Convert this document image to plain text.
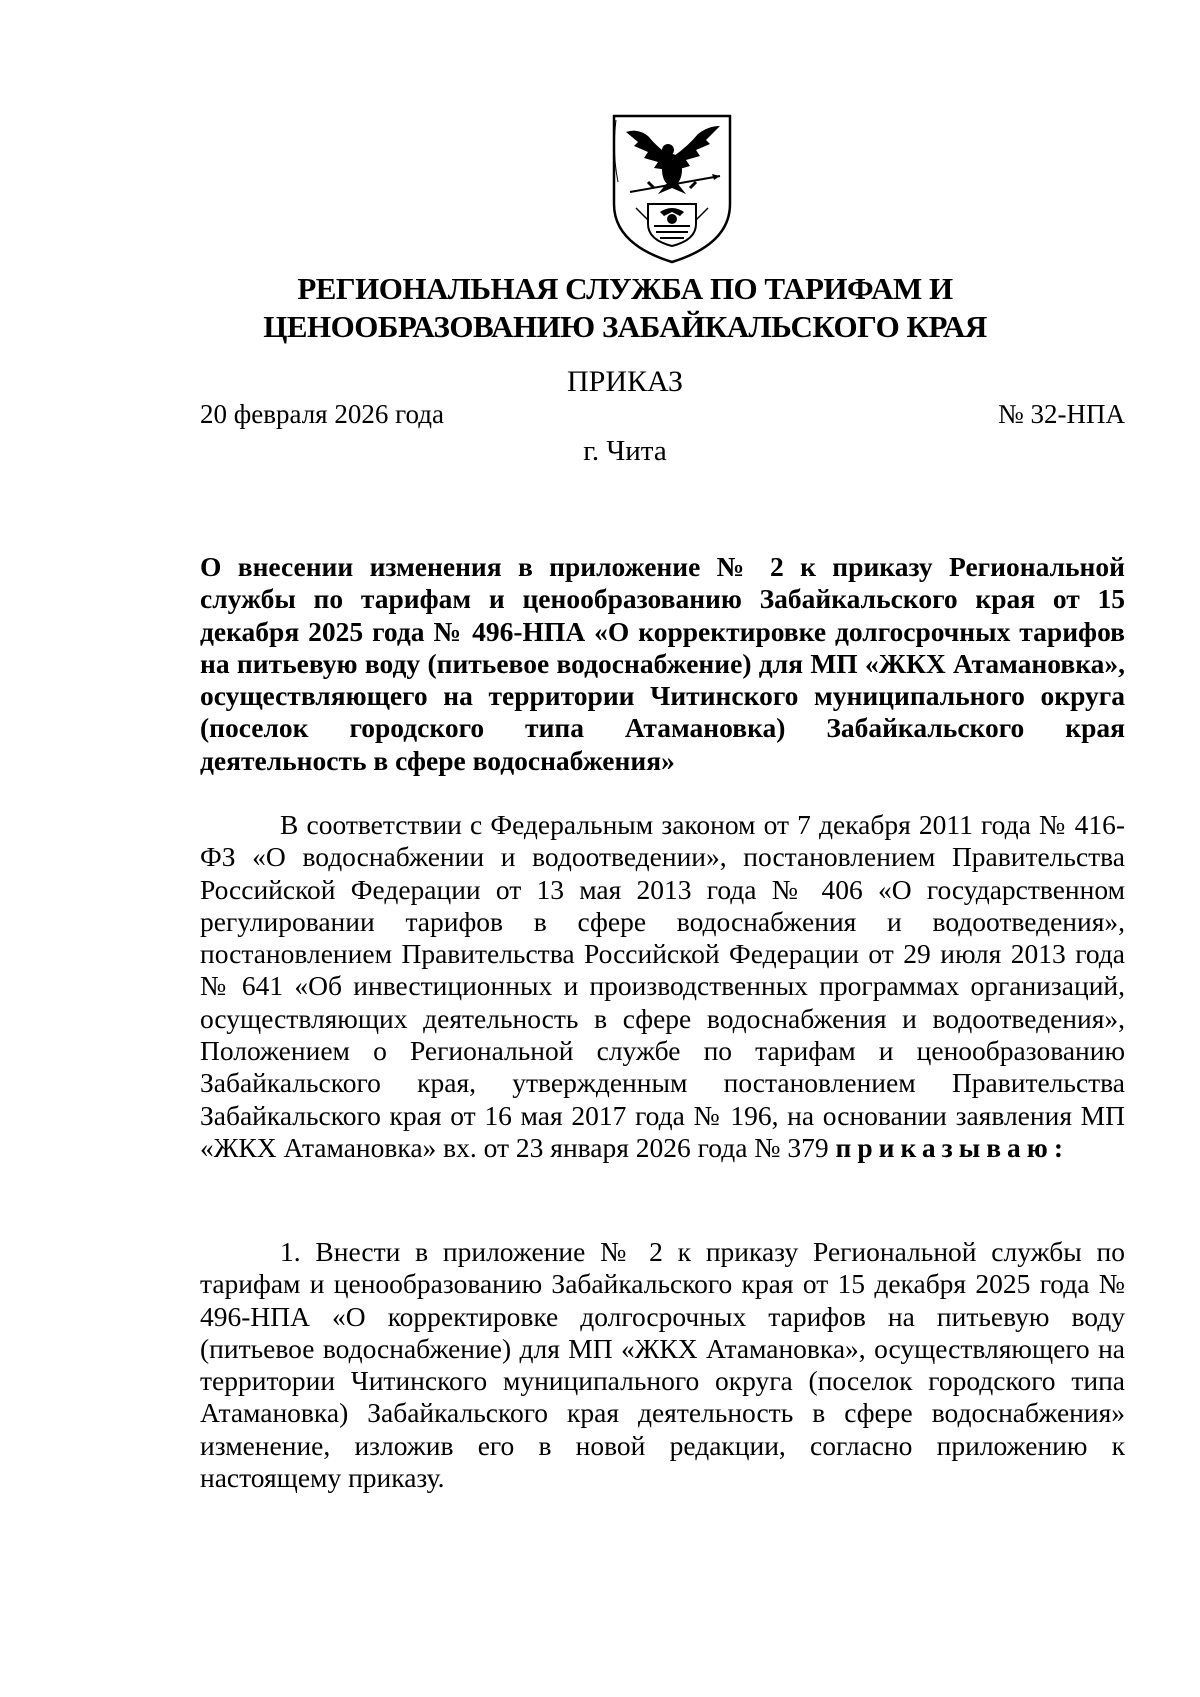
РЕГИОНАЛЬНАЯ СЛУЖБА ПО ТАРИФАМ И
ЦЕНООБРАЗОВАНИЮ ЗАБАЙКАЛЬСКОГО КРАЯ
ПРИКАЗ
20 февраля 2026 года	№ 32-НПА
г. Чита
О внесении изменения в приложение № 2 к приказу Региональной службы по тарифам и ценообразованию Забайкальского края от 15 декабря 2025 года № 496-НПА «О корректировке долгосрочных тарифов на питьевую воду (питьевое водоснабжение) для МП «ЖКХ Атамановка», осуществляющего на территории Читинского муниципального округа (поселок городского типа Атамановка) Забайкальского края деятельность в сфере водоснабжения»
В соответствии с Федеральным законом от 7 декабря 2011 года № 416-ФЗ «О водоснабжении и водоотведении», постановлением Правительства Российской Федерации от 13 мая 2013 года № 406 «О государственном регулировании тарифов в сфере водоснабжения и водоотведения», постановлением Правительства Российской Федерации от 29 июля 2013 года № 641 «Об инвестиционных и производственных программах организаций, осуществляющих деятельность в сфере водоснабжения и водоотведения», Положением о Региональной службе по тарифам и ценообразованию Забайкальского края, утвержденным постановлением Правительства Забайкальского края от 16 мая 2017 года № 196, на основании заявления МП «ЖКХ Атамановка» вх. от 23 января 2026 года № 379 приказываю:
1. Внести в приложение № 2 к приказу Региональной службы по тарифам и ценообразованию Забайкальского края от 15 декабря 2025 года № 496-НПА «О корректировке долгосрочных тарифов на питьевую воду (питьевое водоснабжение) для МП «ЖКХ Атамановка», осуществляющего на территории Читинского муниципального округа (поселок городского типа Атамановка) Забайкальского края деятельность в сфере водоснабжения» изменение, изложив его в новой редакции, согласно приложению к настоящему приказу.
